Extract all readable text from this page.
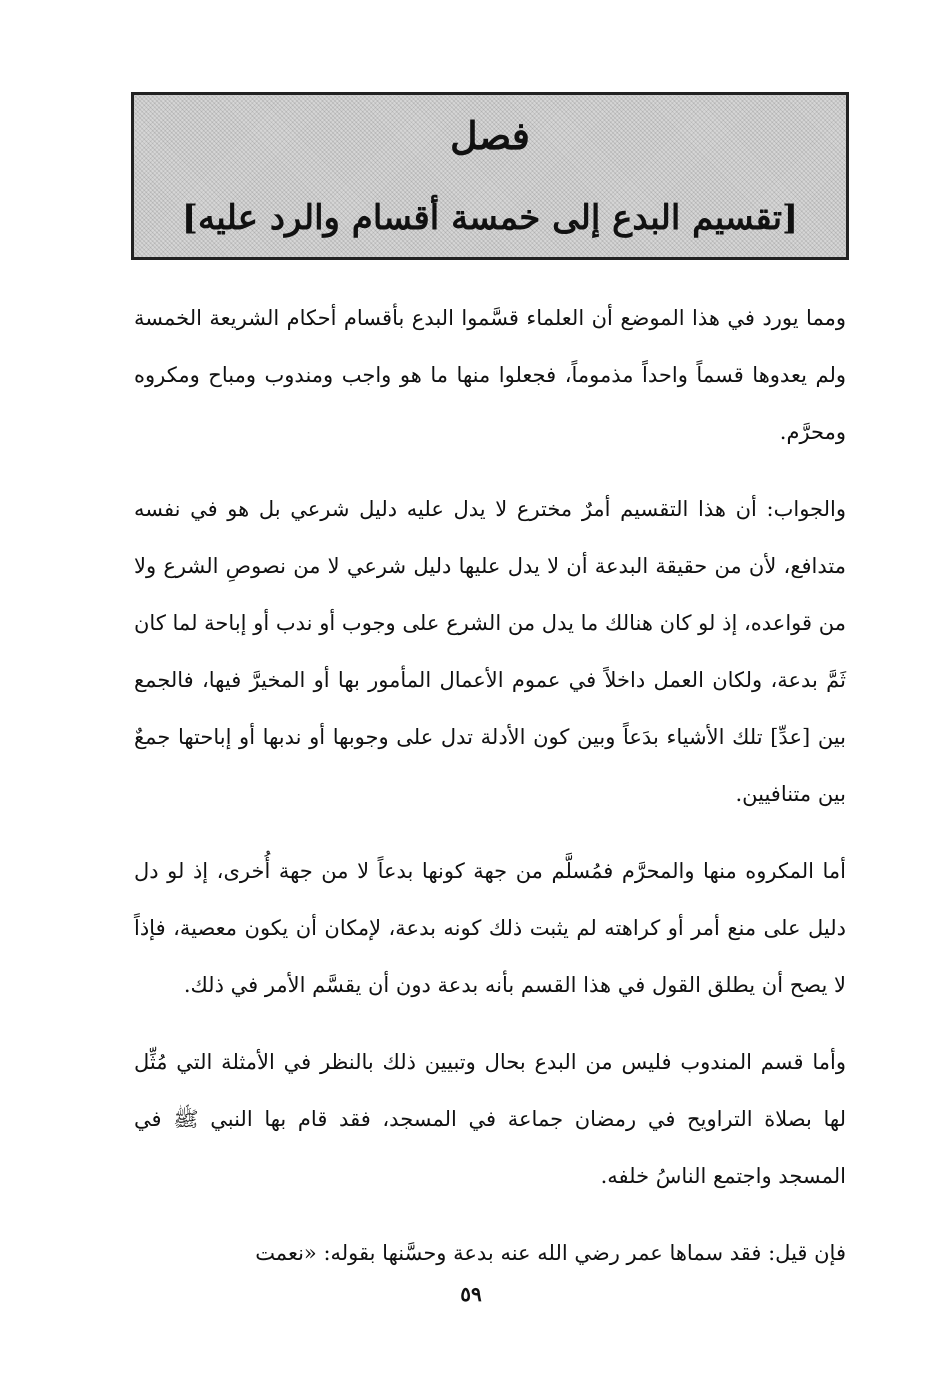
فصل
[تقسيم البدع إلى خمسة أقسام والرد عليه]

ومما يورد في هذا الموضع أن العلماء قسَّموا البدع بأقسام أحكام الشريعة الخمسة ولم يعدوها قسماً واحداً مذموماً، فجعلوا منها ما هو واجب ومندوب ومباح ومكروه ومحرَّم.

والجواب: أن هذا التقسيم أمرٌ مخترع لا يدل عليه دليل شرعي بل هو في نفسه متدافع، لأن من حقيقة البدعة أن لا يدل عليها دليل شرعي لا من نصوصِ الشرع ولا من قواعده، إذ لو كان هنالك ما يدل من الشرع على وجوب أو ندب أو إباحة لما كان ثَمَّ بدعة، ولكان العمل داخلاً في عموم الأعمال المأمور بها أو المخيرَّ فيها، فالجمع بين [عدِّ] تلك الأشياء بدَعاً وبين كون الأدلة تدل على وجوبها أو ندبها أو إباحتها جمعٌ بين متنافيين.

أما المكروه منها والمحرَّم فمُسلَّم من جهة كونها بدعاً لا من جهة أُخرى، إذ لو دل دليل على منع أمر أو كراهته لم يثبت ذلك كونه بدعة، لإمكان أن يكون معصية، فإذاً لا يصح أن يطلق القول في هذا القسم بأنه بدعة دون أن يقسَّم الأمر في ذلك.

وأما قسم المندوب فليس من البدع بحال وتبيين ذلك بالنظر في الأمثلة التي مُثِّل لها بصلاة التراويح في رمضان جماعة في المسجد، فقد قام بها النبي ﷺ في المسجد واجتمع الناسُ خلفه.

فإن قيل: فقد سماها عمر رضي الله عنه بدعة وحسَّنها بقوله: «نعمت

٥٩
